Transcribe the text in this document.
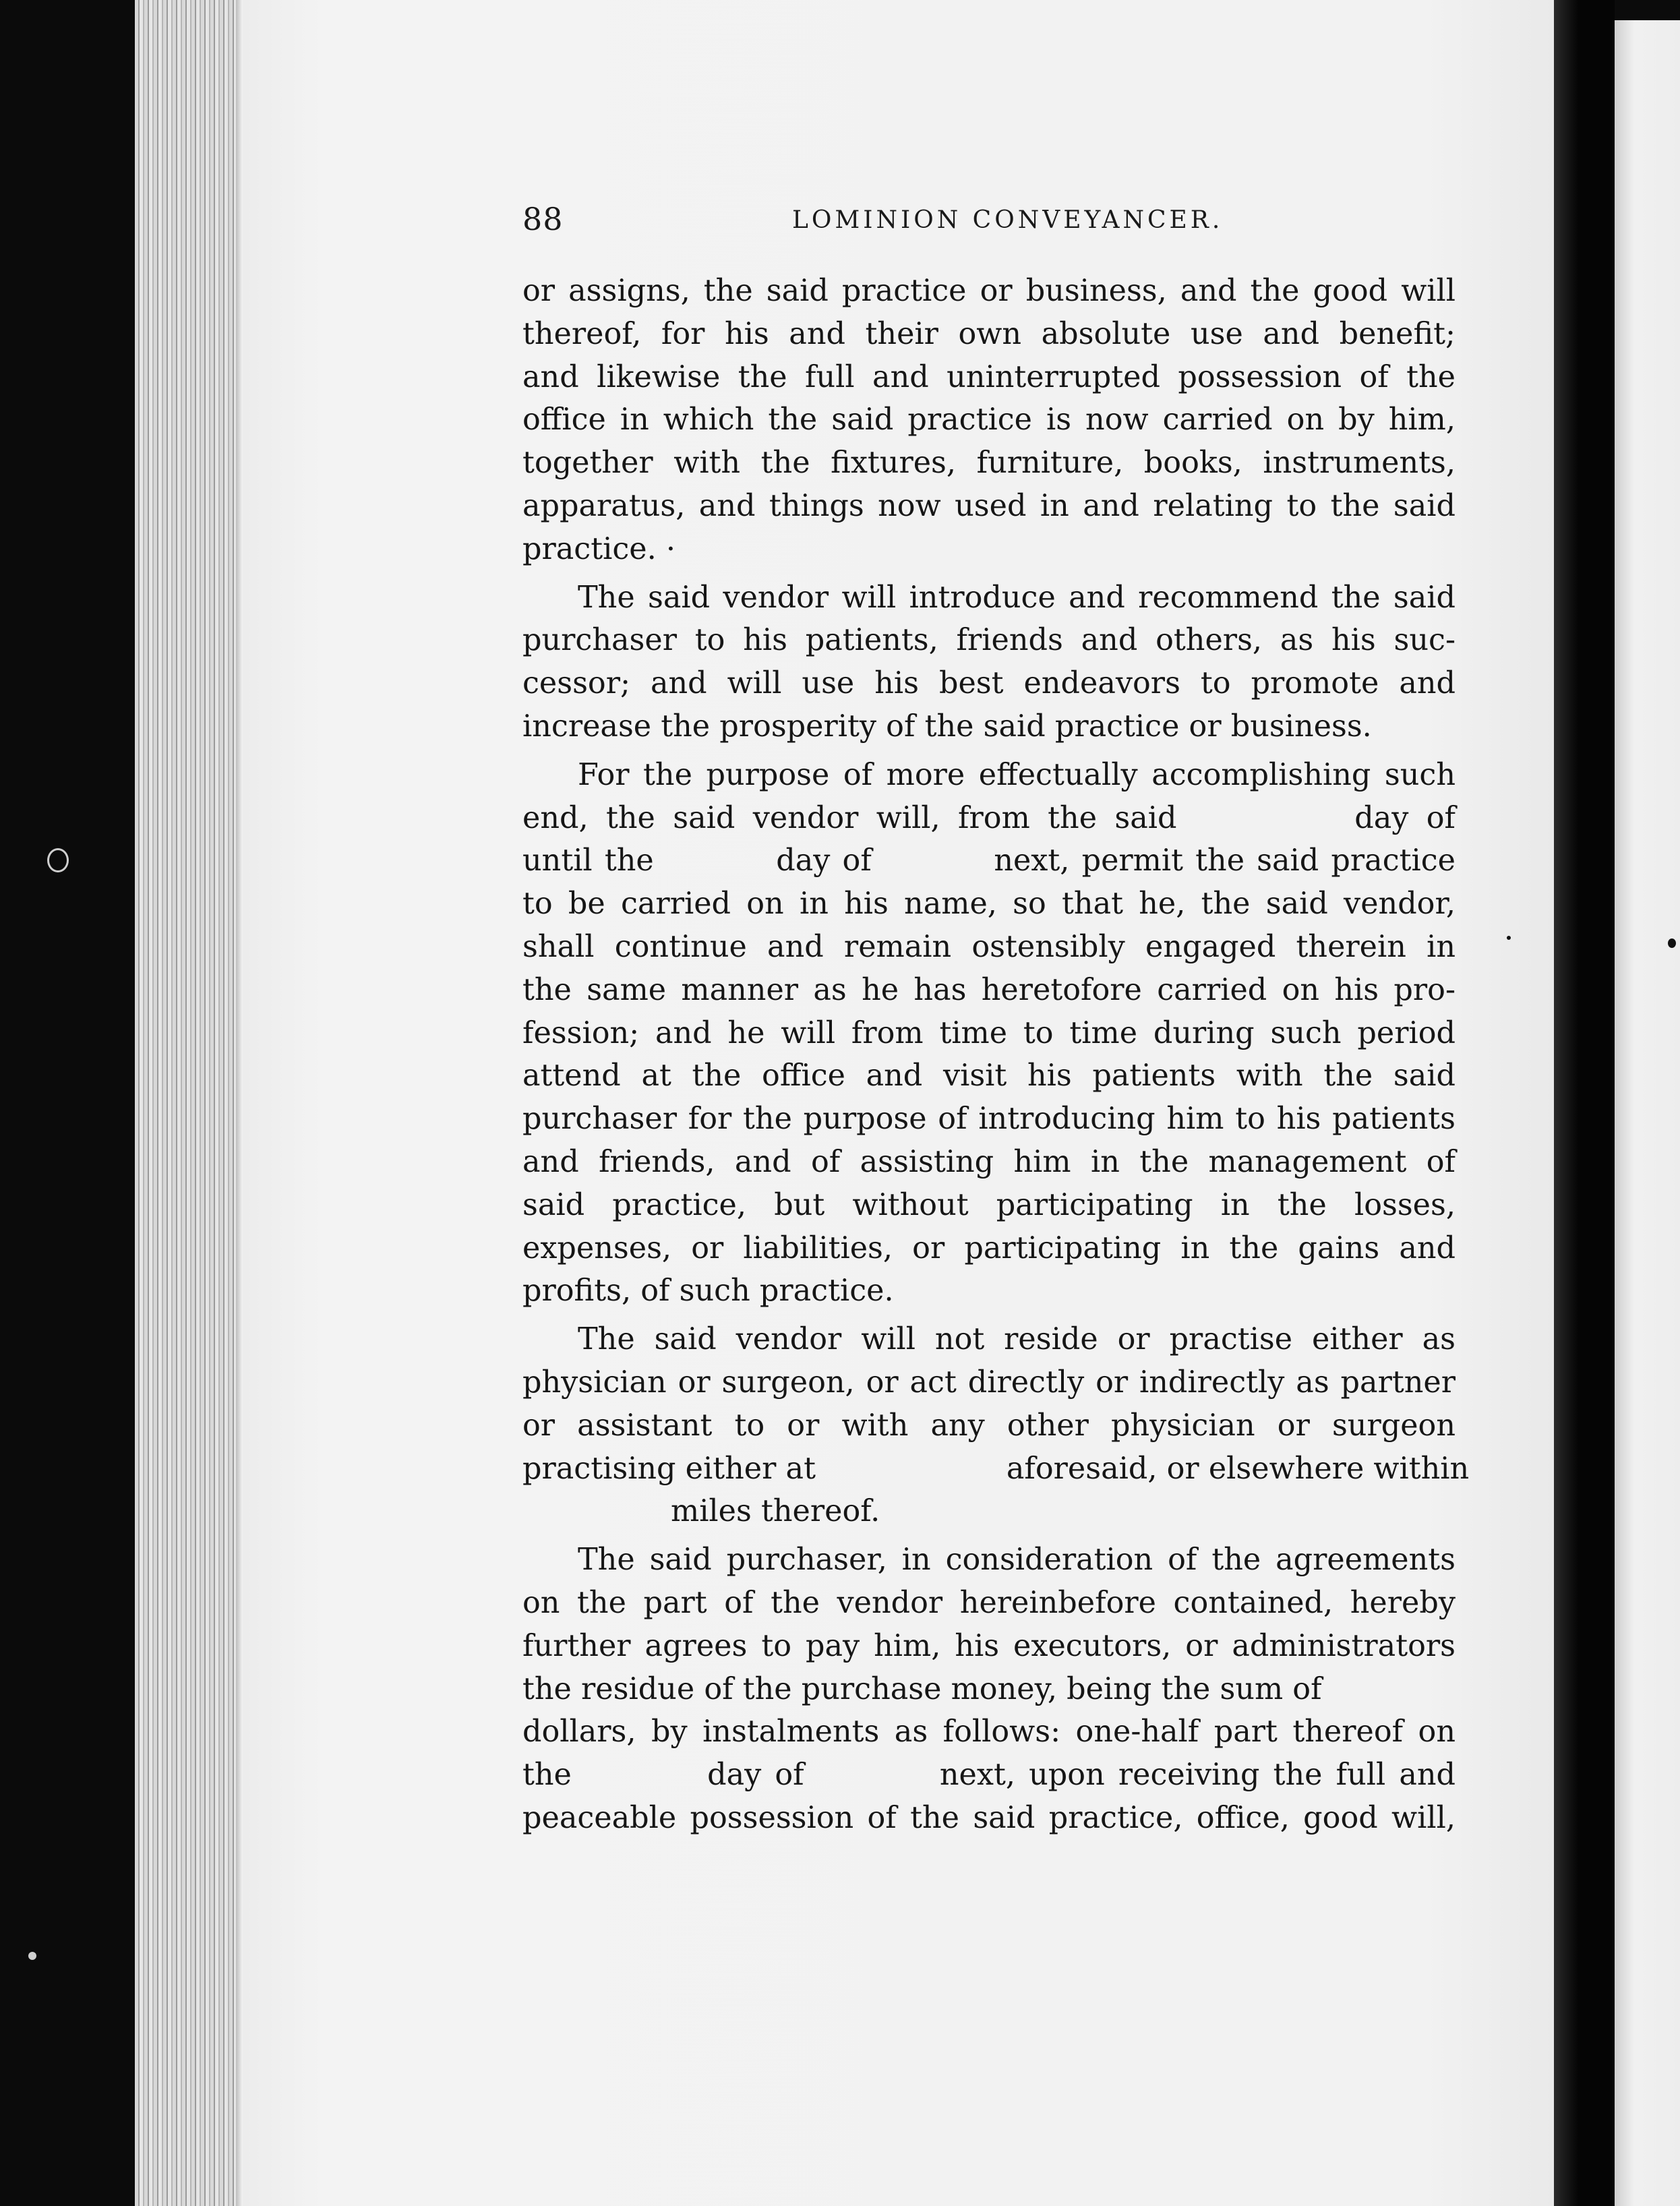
88	LOMINION CONVEYANCER.

or assigns, the said practice or business, and the good will
thereof, for his and their own absolute use and benefit;
and likewise the full and uninterrupted possession of the
office in which the said practice is now carried on by him,
together with the fixtures, furniture, books, instruments,
apparatus, and things now used in and relating to the said
practice. ·

The said vendor will introduce and recommend the said
purchaser to his patients, friends and others, as his suc-
cessor; and will use his best endeavors to promote and
increase the prosperity of the said practice or business.

For the purpose of more effectually accomplishing such
end, the said vendor will, from the said          day of
until the          day of          next, permit the said practice
to be carried on in his name, so that he, the said vendor,
shall continue and remain ostensibly engaged therein in
the same manner as he has heretofore carried on his pro-
fession; and he will from time to time during such period
attend at the office and visit his patients with the said
purchaser for the purpose of introducing him to his patients
and friends, and of assisting him in the management of
said practice, but without participating in the losses,
expenses, or liabilities, or participating in the gains and
profits, of such practice.

The said vendor will not reside or practise either as
physician or surgeon, or act directly or indirectly as partner
or assistant to or with any other physician or surgeon
practising either at                    aforesaid, or elsewhere within
miles thereof.

The said purchaser, in consideration of the agreements
on the part of the vendor hereinbefore contained, hereby
further agrees to pay him, his executors, or administrators
the residue of the purchase money, being the sum of
dollars, by instalments as follows: one-half part thereof on
the          day of          next, upon receiving the full and
peaceable possession of the said practice, office, good will,
